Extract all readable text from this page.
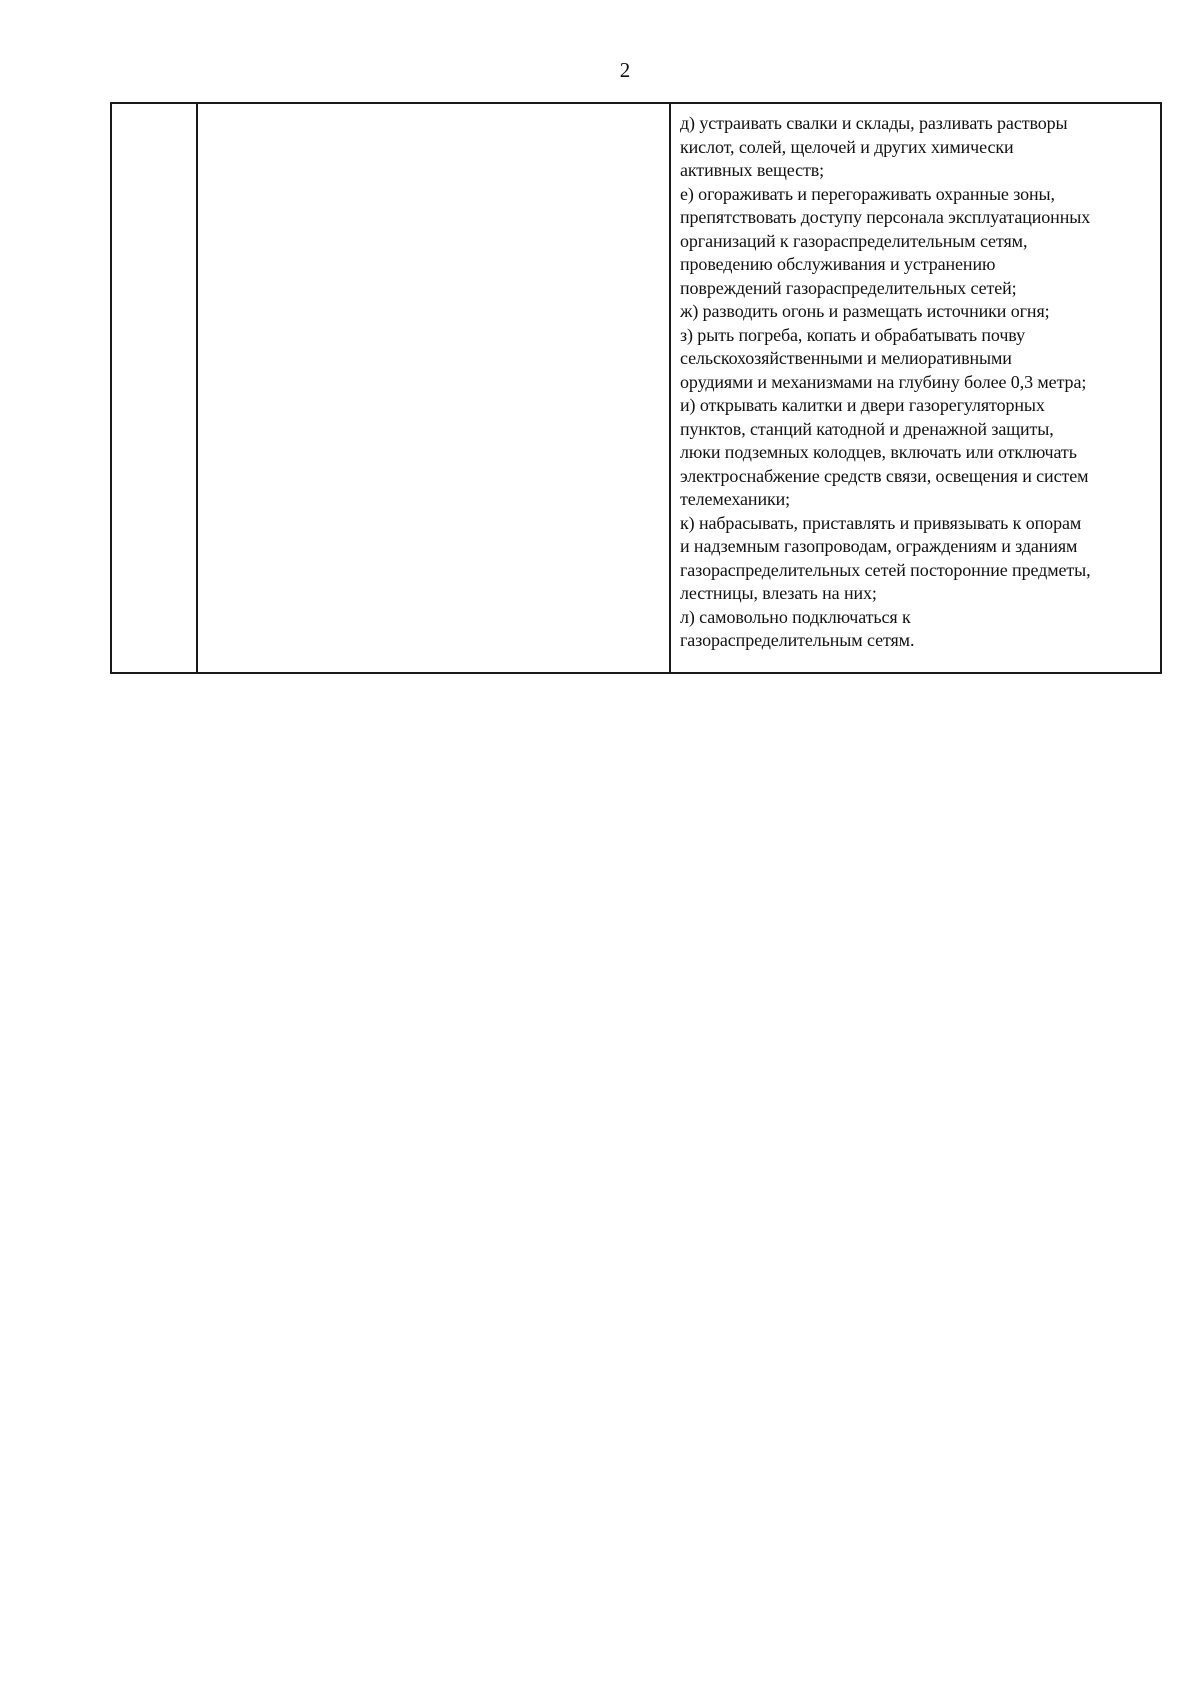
2
д) устраивать свалки и склады, разливать растворы
кислот, солей, щелочей и других химически
активных веществ;
е) огораживать и перегораживать охранные зоны,
препятствовать доступу персонала эксплуатационных
организаций к газораспределительным сетям,
проведению обслуживания и устранению
повреждений газораспределительных сетей;
ж) разводить огонь и размещать источники огня;
з) рыть погреба, копать и обрабатывать почву
сельскохозяйственными и мелиоративными
орудиями и механизмами на глубину более 0,3 метра;
и) открывать калитки и двери газорегуляторных
пунктов, станций катодной и дренажной защиты,
люки подземных колодцев, включать или отключать
электроснабжение средств связи, освещения и систем
телемеханики;
к) набрасывать, приставлять и привязывать к опорам
и надземным газопроводам, ограждениям и зданиям
газораспределительных сетей посторонние предметы,
лестницы, влезать на них;
л) самовольно подключаться к
газораспределительным сетям.
